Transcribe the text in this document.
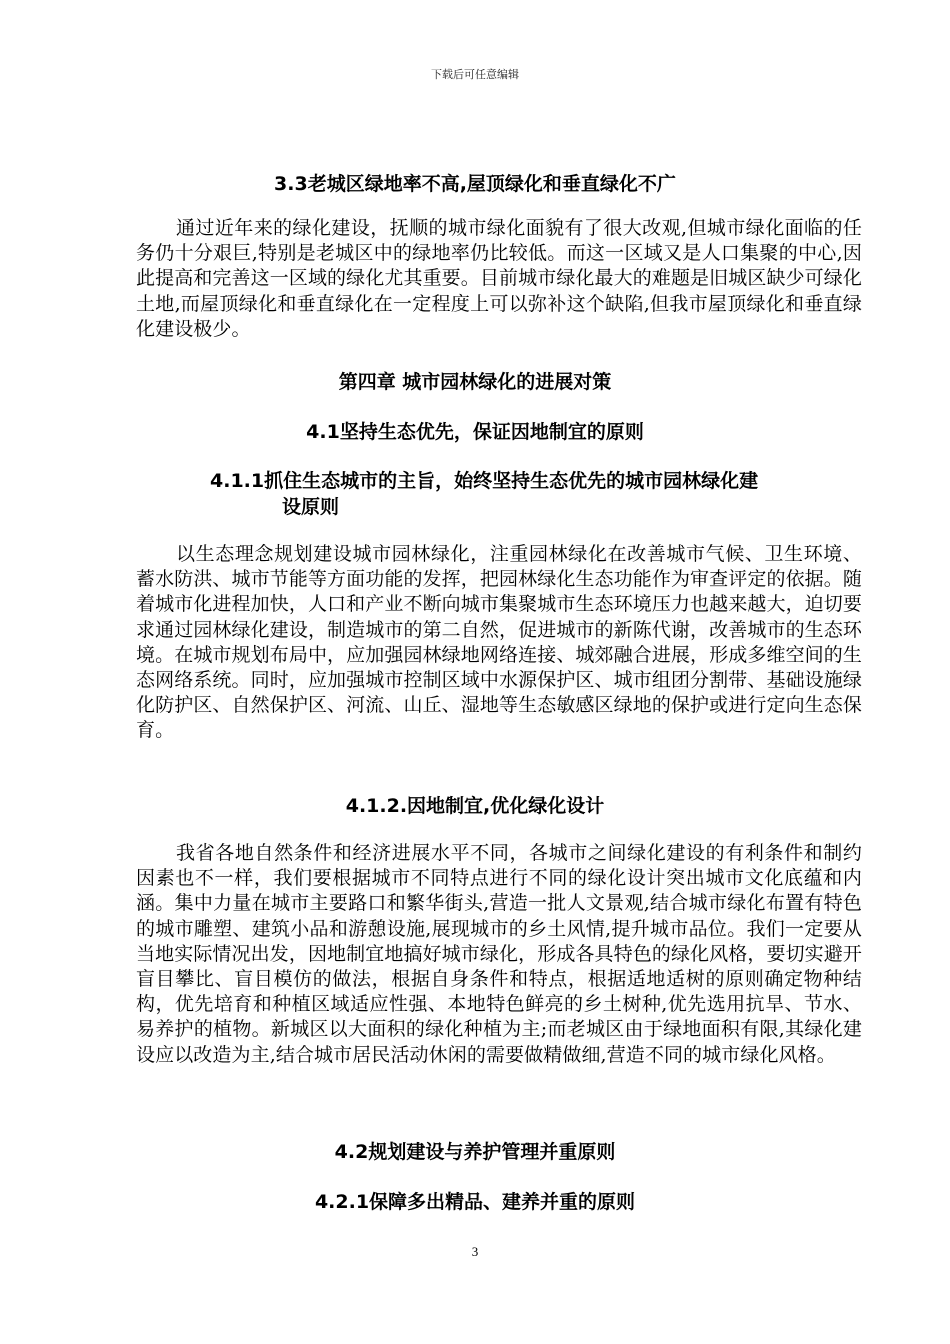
下载后可任意编辑
3.3老城区绿地率不高,屋顶绿化和垂直绿化不广
通过近年来的绿化建设，抚顺的城市绿化面貌有了很大改观,但城市绿化面临的任务仍十分艰巨,特别是老城区中的绿地率仍比较低。而这一区域又是人口集聚的中心,因此提高和完善这一区域的绿化尤其重要。目前城市绿化最大的难题是旧城区缺少可绿化土地,而屋顶绿化和垂直绿化在一定程度上可以弥补这个缺陷,但我市屋顶绿化和垂直绿化建设极少。
第四章 城市园林绿化的进展对策
4.1坚持生态优先，保证因地制宜的原则
4.1.1抓住生态城市的主旨，始终坚持生态优先的城市园林绿化建
设原则
以生态理念规划建设城市园林绿化，注重园林绿化在改善城市气候、卫生环境、蓄水防洪、城市节能等方面功能的发挥，把园林绿化生态功能作为审查评定的依据。随着城市化进程加快，人口和产业不断向城市集聚城市生态环境压力也越来越大，迫切要求通过园林绿化建设，制造城市的第二自然，促进城市的新陈代谢，改善城市的生态环境。在城市规划布局中，应加强园林绿地网络连接、城郊融合进展，形成多维空间的生态网络系统。同时，应加强城市控制区域中水源保护区、城市组团分割带、基础设施绿化防护区、自然保护区、河流、山丘、湿地等生态敏感区绿地的保护或进行定向生态保育。
4.1.2.因地制宜,优化绿化设计
我省各地自然条件和经济进展水平不同，各城市之间绿化建设的有利条件和制约因素也不一样，我们要根据城市不同特点进行不同的绿化设计突出城市文化底蕴和内涵。集中力量在城市主要路口和繁华街头,营造一批人文景观,结合城市绿化布置有特色的城市雕塑、建筑小品和游憩设施,展现城市的乡土风情,提升城市品位。我们一定要从当地实际情况出发，因地制宜地搞好城市绿化，形成各具特色的绿化风格，要切实避开盲目攀比、盲目模仿的做法，根据自身条件和特点，根据适地适树的原则确定物种结构，优先培育和种植区域适应性强、本地特色鲜亮的乡土树种,优先选用抗旱、节水、易养护的植物。新城区以大面积的绿化种植为主;而老城区由于绿地面积有限,其绿化建设应以改造为主,结合城市居民活动休闲的需要做精做细,营造不同的城市绿化风格。
4.2规划建设与养护管理并重原则
4.2.1保障多出精品、建养并重的原则
3
